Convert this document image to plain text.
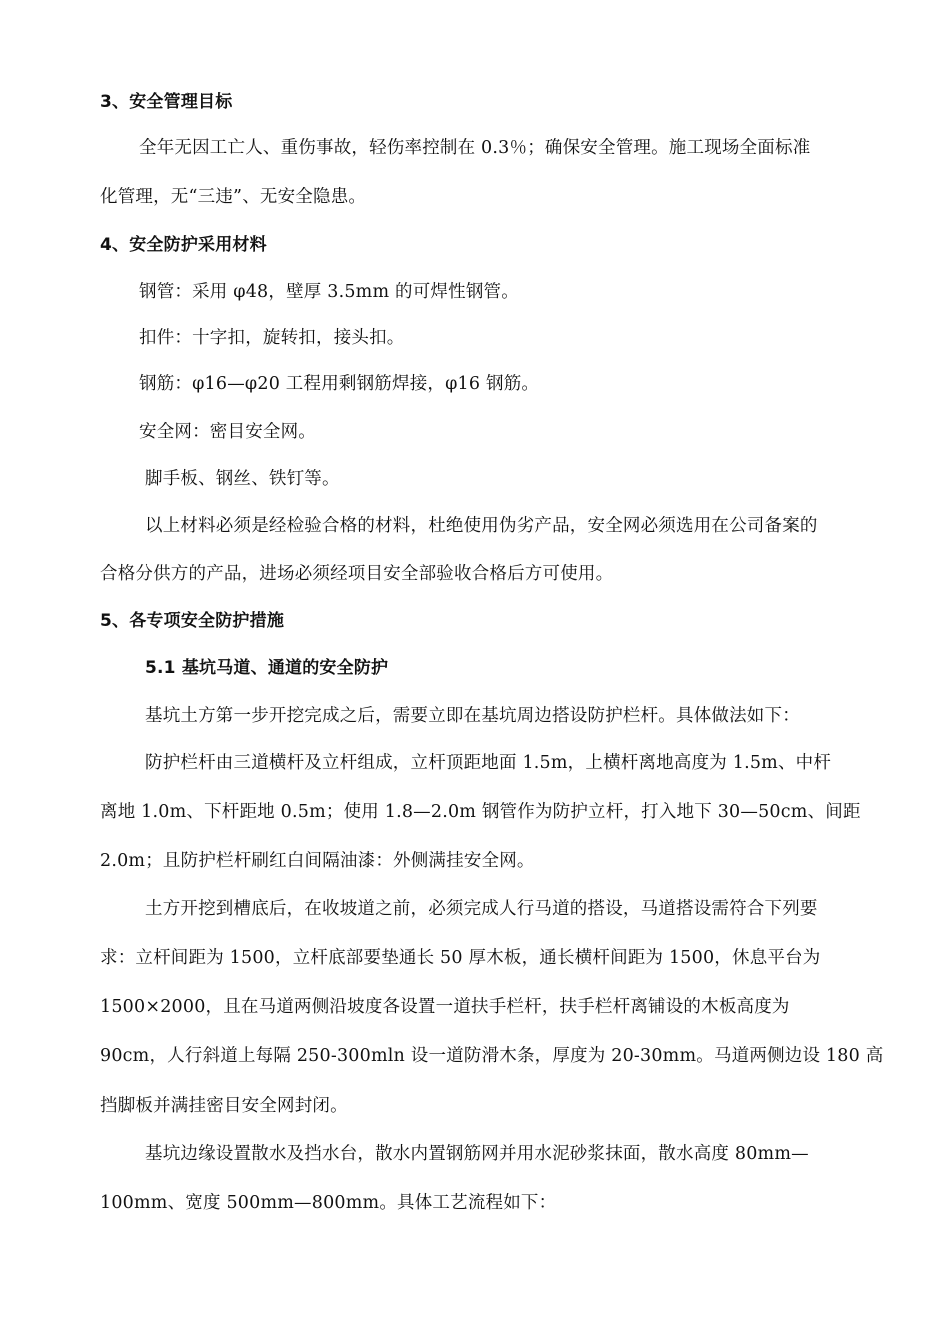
3、安全管理目标
全年无因工亡人、重伤事故，轻伤率控制在 0.3％；确保安全管理。施工现场全面标准
化管理，无“三违”、无安全隐患。
4、安全防护采用材料
钢管：采用 φ48，壁厚 3.5mm 的可焊性钢管。
扣件：十字扣，旋转扣，接头扣。
钢筋：φ16—φ20 工程用剩钢筋焊接，φ16 钢筋。
安全网：密目安全网。
脚手板、钢丝、铁钉等。
以上材料必须是经检验合格的材料，杜绝使用伪劣产品，安全网必须选用在公司备案的
合格分供方的产品，进场必须经项目安全部验收合格后方可使用。
5、各专项安全防护措施
5.1 基坑马道、通道的安全防护
基坑土方第一步开挖完成之后，需要立即在基坑周边搭设防护栏杆。具体做法如下：
防护栏杆由三道横杆及立杆组成，立杆顶距地面 1.5m，上横杆离地高度为 1.5m、中杆
离地 1.0m、下杆距地 0.5m；使用 1.8—2.0m 钢管作为防护立杆，打入地下 30—50cm、间距
2.0m；且防护栏杆刷红白间隔油漆：外侧满挂安全网。
土方开挖到槽底后，在收坡道之前，必须完成人行马道的搭设，马道搭设需符合下列要
求：立杆间距为 1500，立杆底部要垫通长 50 厚木板，通长横杆间距为 1500，休息平台为
1500×2000，且在马道两侧沿坡度各设置一道扶手栏杆，扶手栏杆离铺设的木板高度为
90cm，人行斜道上每隔 250-300mln 设一道防滑木条，厚度为 20-30mm。马道两侧边设 180 高
挡脚板并满挂密目安全网封闭。
基坑边缘设置散水及挡水台，散水内置钢筋网并用水泥砂浆抹面，散水高度 80mm—
100mm、宽度 500mm—800mm。具体工艺流程如下：
